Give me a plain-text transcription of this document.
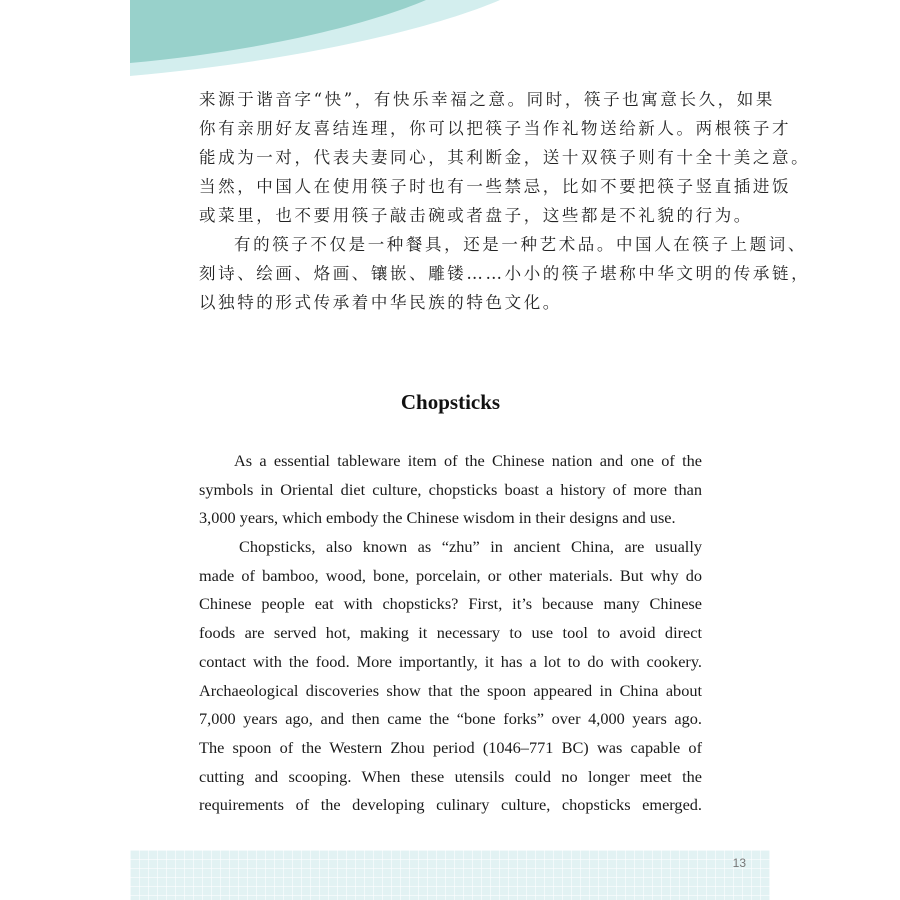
来源于谐音字“快”，有快乐幸福之意。同时，筷子也寓意长久，如果
你有亲朋好友喜结连理，你可以把筷子当作礼物送给新人。两根筷子才
能成为一对，代表夫妻同心，其利断金，送十双筷子则有十全十美之意。
当然，中国人在使用筷子时也有一些禁忌，比如不要把筷子竖直插进饭
或菜里，也不要用筷子敲击碗或者盘子，这些都是不礼貌的行为。
有的筷子不仅是一种餐具，还是一种艺术品。中国人在筷子上题词、
刻诗、绘画、烙画、镶嵌、雕镂……小小的筷子堪称中华文明的传承链，
以独特的形式传承着中华民族的特色文化。
Chopsticks
As a essential tableware item of the Chinese nation and one of the
symbols in Oriental diet culture, chopsticks boast a history of more than
3,000 years, which embody the Chinese wisdom in their designs and use.
Chopsticks, also known as “zhu” in ancient China, are usually
made of bamboo, wood, bone, porcelain, or other materials. But why do
Chinese people eat with chopsticks? First, it’s because many Chinese
foods are served hot, making it necessary to use tool to avoid direct
contact with the food. More importantly, it has a lot to do with cookery.
Archaeological discoveries show that the spoon appeared in China about
7,000 years ago, and then came the “bone forks” over 4,000 years ago.
The spoon of the Western Zhou period (1046–771 BC) was capable of
cutting and scooping. When these utensils could no longer meet the
requirements of the developing culinary culture, chopsticks emerged.
13
